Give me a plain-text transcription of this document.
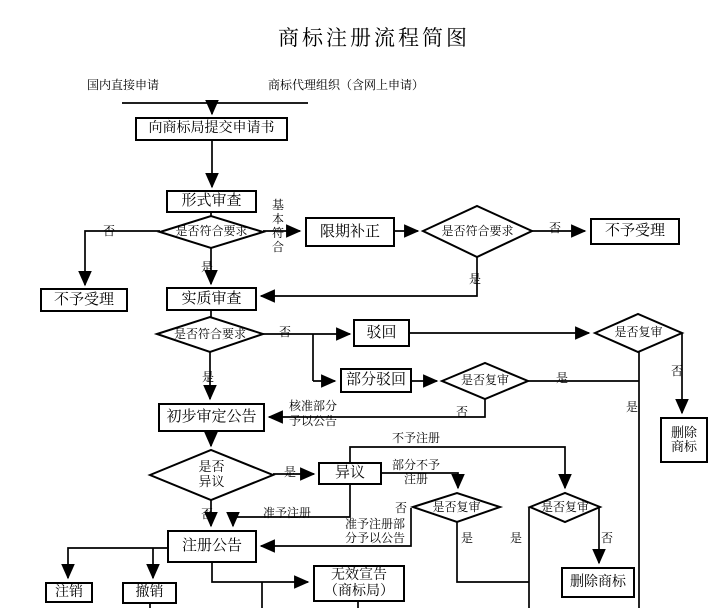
商标注册流程简图
国内直接申请	商标代理组织（含网上申请）
向商标局提交申请书
形式审查
不予受理
限期补正	不予受理
实质审查
驳回
部分驳回
删除商标
初步审定公告
异议
注册公告
注销	撤销
无效宣告
（商标局）
删除商标
是否符合要求	是否符合要求
是否符合要求	是否复审
是否复审
是否异议
是否复审	是否复审
否
基本符合
是
否
是
否
是	否
是
是
否
核准部分予以公告
是
否
不予注册
部分不予注册
准予注册
准予注册部分予以公告
否
是	是	否
